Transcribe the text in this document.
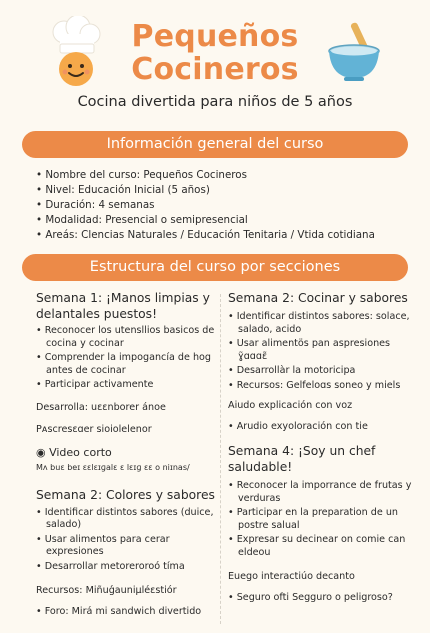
Pequeños
Cocineros
Cocina divertida para niños de 5 años
Información general del curso
• Nombre del curso: Pequeños Cocineros
• Nivel: Educación Inicial (5 años)
• Duración: 4 semanas
• Modalidad: Presencial o semipresencial
• Areás: Clencias Naturales / Educación Tenitaria / Vtida cotidiana
Estructura del curso por secciones
Semana 1: ¡Manos limpias y delantales puestos!
• Reconocer los utensllios basicos de cocina y cocinar
• Comprender la impogancía de hog antes de cocinar
• Participar activamente
Desarrolla: uɛɛnborer ánoe
Pᴀscresɛɑer sioiolelenor
◉ Video corto
Mʌ buɛ beɪ ɛɛlɛɪɡalɛ ɛ lɛɪɡ ɛɛ o niɪnas/
Semana 2: Colores y sabores
• Identificar distintos sabores (duice, salado)
• Usar alimentos para cerar expresiones
• Desarrollar metoreroroó tíma
Recursos: Miñuǵauniμléɛstiór
• Foro: Mirá mi sandwich divertido
Semana 2: Cocinar y sabores
• Identificar distintos sabores: solace, salado, acido
• Usar alimentös pan aspresiones ɣ̃ɑɑɑɛ̃
• Desarrollàr la motoricipa
• Recursos: Gelfeloɑs soneo y miels
Aiudo explicación con voz
• Arudio exyoloración con tie
Semana 4: ¡Soy un chef saludable!
• Reconocer la imporrance de frutas y verduras
• Participar en la preparation de un postre salual
• Expresar su decinear on comie can eldeou
Euego interactiúo decanto
• Seguro ofti Segguro o peligroso?
